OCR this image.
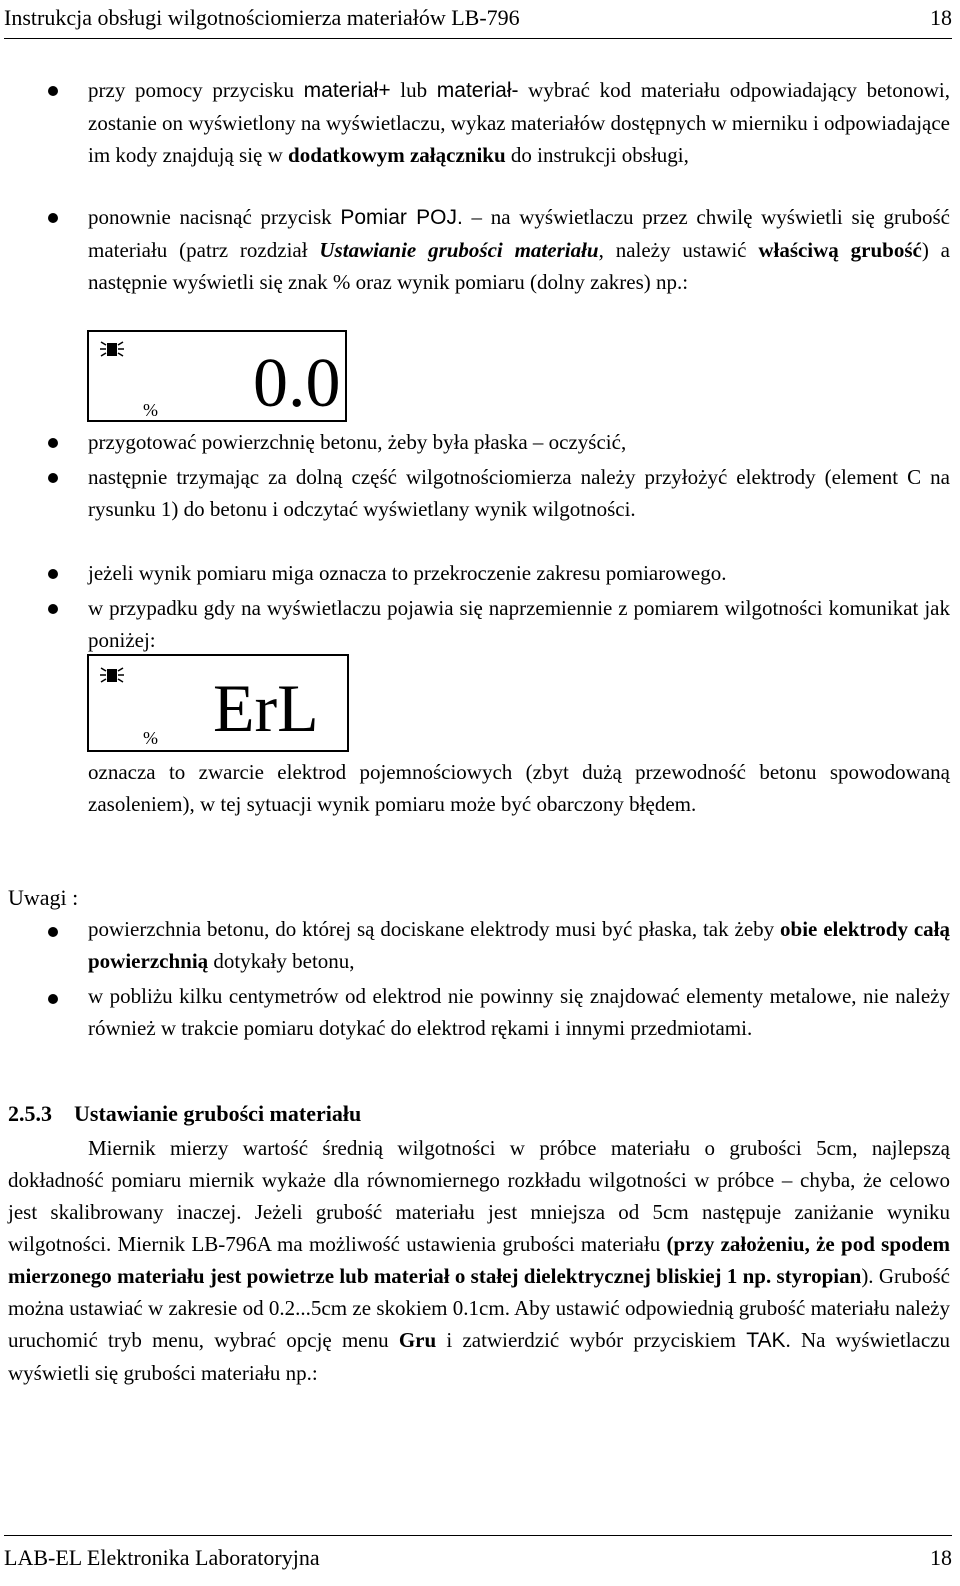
Instrukcja obsługi wilgotnościomierza materiałów LB-796	18
przy pomocy przycisku materiał+ lub materiał- wybrać kod materiału odpowiadający betonowi, zostanie on wyświetlony na wyświetlaczu, wykaz materiałów dostępnych w mierniku i odpowiadające im kody znajdują się w dodatkowym załączniku do instrukcji obsługi,
ponownie nacisnąć przycisk Pomiar POJ. – na wyświetlaczu przez chwilę wyświetli się grubość materiału (patrz rozdział Ustawianie grubości materiału, należy ustawić właściwą grubość) a następnie wyświetli się znak % oraz wynik pomiaru (dolny zakres) np.:
% 0.0
przygotować powierzchnię betonu, żeby była płaska – oczyścić,
następnie trzymając za dolną część wilgotnościomierza należy przyłożyć elektrody (element C na rysunku 1) do betonu i odczytać wyświetlany wynik wilgotności.
jeżeli wynik pomiaru miga oznacza to przekroczenie zakresu pomiarowego.
w przypadku gdy na wyświetlaczu pojawia się naprzemiennie z pomiarem wilgotności komunikat jak poniżej:
% ErL
oznacza to zwarcie elektrod pojemnościowych (zbyt dużą przewodność betonu spowodowaną zasoleniem), w tej sytuacji wynik pomiaru może być obarczony błędem.
Uwagi :
powierzchnia betonu, do której są dociskane elektrody musi być płaska, tak żeby obie elektrody całą powierzchnią dotykały betonu,
w pobliżu kilku centymetrów od elektrod nie powinny się znajdować elementy metalowe, nie należy również w trakcie pomiaru dotykać do elektrod rękami i innymi przedmiotami.
2.5.3 Ustawianie grubości materiału
Miernik mierzy wartość średnią wilgotności w próbce materiału o grubości 5cm, najlepszą dokładność pomiaru miernik wykaże dla równomiernego rozkładu wilgotności w próbce – chyba, że celowo jest skalibrowany inaczej. Jeżeli grubość materiału jest mniejsza od 5cm następuje zaniżanie wyniku wilgotności. Miernik LB-796A ma możliwość ustawienia grubości materiału (przy założeniu, że pod spodem mierzonego materiału jest powietrze lub materiał o stałej dielektrycznej bliskiej 1 np. styropian). Grubość można ustawiać w zakresie od 0.2...5cm ze skokiem 0.1cm. Aby ustawić odpowiednią grubość materiału należy uruchomić tryb menu, wybrać opcję menu Gru i zatwierdzić wybór przyciskiem TAK. Na wyświetlaczu wyświetli się grubości materiału np.:
LAB-EL Elektronika Laboratoryjna	18
